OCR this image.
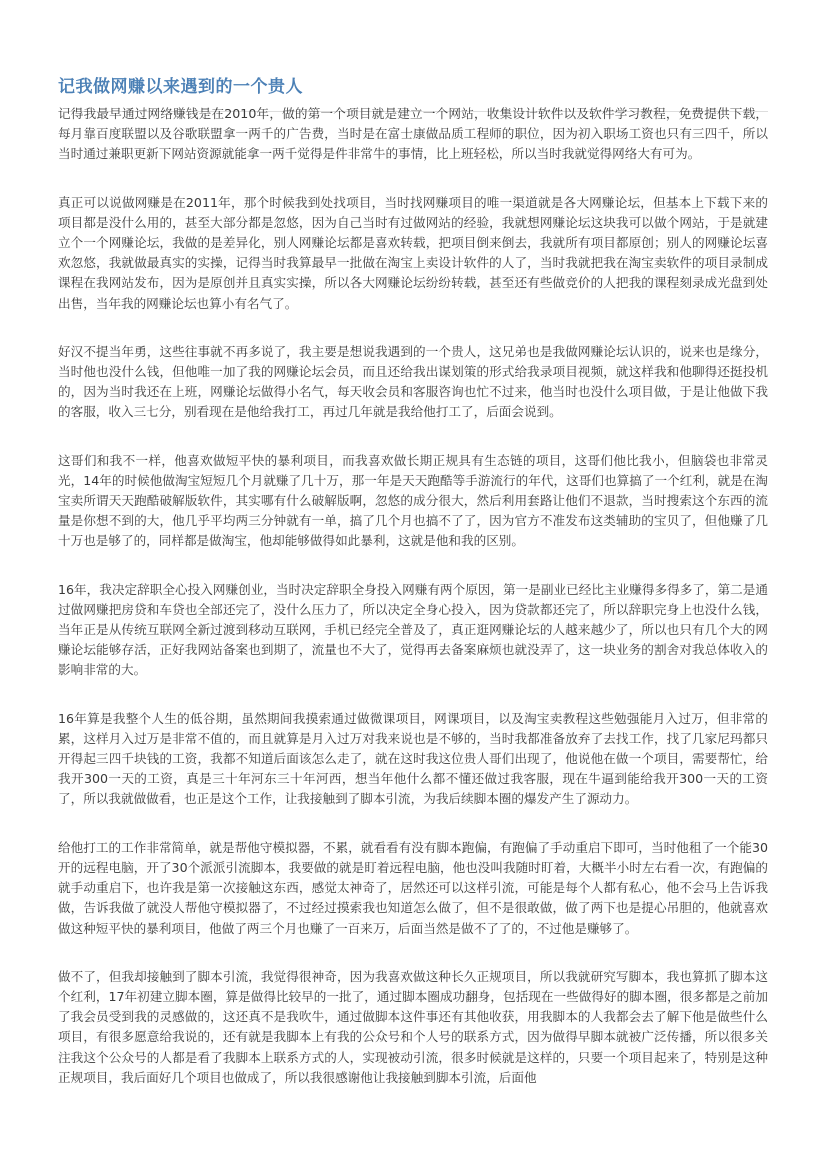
记我做网赚以来遇到的一个贵人

记得我最早通过网络赚钱是在2010年，做的第一个项目就是建立一个网站，收集设计软件以及软件学习教程，免费提供下载，每月靠百度联盟以及谷歌联盟拿一两千的广告费，当时是在富士康做品质工程师的职位，因为初入职场工资也只有三四千，所以当时通过兼职更新下网站资源就能拿一两千觉得是件非常牛的事情，比上班轻松，所以当时我就觉得网络大有可为。

真正可以说做网赚是在2011年，那个时候我到处找项目，当时找网赚项目的唯一渠道就是各大网赚论坛，但基本上下载下来的项目都是没什么用的，甚至大部分都是忽悠，因为自己当时有过做网站的经验，我就想网赚论坛这块我可以做个网站，于是就建立个一个网赚论坛，我做的是差异化，别人网赚论坛都是喜欢转载，把项目倒来倒去，我就所有项目都原创；别人的网赚论坛喜欢忽悠，我就做最真实的实操，记得当时我算最早一批做在淘宝上卖设计软件的人了，当时我就把我在淘宝卖软件的项目录制成课程在我网站发布，因为是原创并且真实实操，所以各大网赚论坛纷纷转载，甚至还有些做竞价的人把我的课程刻录成光盘到处出售，当年我的网赚论坛也算小有名气了。

好汉不提当年勇，这些往事就不再多说了，我主要是想说我遇到的一个贵人，这兄弟也是我做网赚论坛认识的，说来也是缘分，当时他也没什么钱，但他唯一加了我的网赚论坛会员，而且还给我出谋划策的形式给我录项目视频，就这样我和他聊得还挺投机的，因为当时我还在上班，网赚论坛做得小名气，每天收会员和客服咨询也忙不过来，他当时也没什么项目做，于是让他做下我的客服，收入三七分，别看现在是他给我打工，再过几年就是我给他打工了，后面会说到。

这哥们和我不一样，他喜欢做短平快的暴利项目，而我喜欢做长期正规具有生态链的项目，这哥们他比我小，但脑袋也非常灵光，14年的时候他做淘宝短短几个月就赚了几十万，那一年是天天跑酷等手游流行的年代，这哥们也算搞了一个红利，就是在淘宝卖所谓天天跑酷破解版软件，其实哪有什么破解版啊，忽悠的成分很大，然后利用套路让他们不退款，当时搜索这个东西的流量是你想不到的大，他几乎平均两三分钟就有一单，搞了几个月也搞不了了，因为官方不准发布这类辅助的宝贝了，但他赚了几十万也是够了的，同样都是做淘宝，他却能够做得如此暴利，这就是他和我的区别。

16年，我决定辞职全心投入网赚创业，当时决定辞职全身投入网赚有两个原因，第一是副业已经比主业赚得多得多了，第二是通过做网赚把房贷和车贷也全部还完了，没什么压力了，所以决定全身心投入，因为贷款都还完了，所以辞职完身上也没什么钱，当年正是从传统互联网全新过渡到移动互联网，手机已经完全普及了，真正逛网赚论坛的人越来越少了，所以也只有几个大的网赚论坛能够存活，正好我网站备案也到期了，流量也不大了，觉得再去备案麻烦也就没弄了，这一块业务的割舍对我总体收入的影响非常的大。

16年算是我整个人生的低谷期，虽然期间我摸索通过做微课项目，网课项目，以及淘宝卖教程这些勉强能月入过万，但非常的累，这样月入过万是非常不值的，而且就算是月入过万对我来说也是不够的，当时我都准备放弃了去找工作，找了几家尼玛都只开得起三四千块钱的工资，我都不知道后面该怎么走了，就在这时我这位贵人哥们出现了，他说他在做一个项目，需要帮忙，给我开300一天的工资，真是三十年河东三十年河西，想当年他什么都不懂还做过我客服，现在牛逼到能给我开300一天的工资了，所以我就做做看，也正是这个工作，让我接触到了脚本引流，为我后续脚本圈的爆发产生了源动力。

给他打工的工作非常简单，就是帮他守模拟器，不累，就看看有没有脚本跑偏，有跑偏了手动重启下即可，当时他租了一个能30开的远程电脑，开了30个派派引流脚本，我要做的就是盯着远程电脑，他也没叫我随时盯着，大概半小时左右看一次，有跑偏的就手动重启下，也许我是第一次接触这东西，感觉太神奇了，居然还可以这样引流，可能是每个人都有私心，他不会马上告诉我做，告诉我做了就没人帮他守模拟器了，不过经过摸索我也知道怎么做了，但不是很敢做，做了两下也是提心吊胆的，他就喜欢做这种短平快的暴利项目，他做了两三个月也赚了一百来万，后面当然是做不了了的，不过他是赚够了。

做不了，但我却接触到了脚本引流，我觉得很神奇，因为我喜欢做这种长久正规项目，所以我就研究写脚本，我也算抓了脚本这个红利，17年初建立脚本圈，算是做得比较早的一批了，通过脚本圈成功翻身，包括现在一些做得好的脚本圈，很多都是之前加了我会员受到我的灵感做的，这还真不是我吹牛，通过做脚本这件事还有其他收获，用我脚本的人我都会去了解下他是做些什么项目，有很多愿意给我说的，还有就是我脚本上有我的公众号和个人号的联系方式，因为做得早脚本就被广泛传播，所以很多关注我这个公众号的人都是看了我脚本上联系方式的人，实现被动引流，很多时候就是这样的，只要一个项目起来了，特别是这种正规项目，我后面好几个项目也做成了，所以我很感谢他让我接触到脚本引流，后面他
